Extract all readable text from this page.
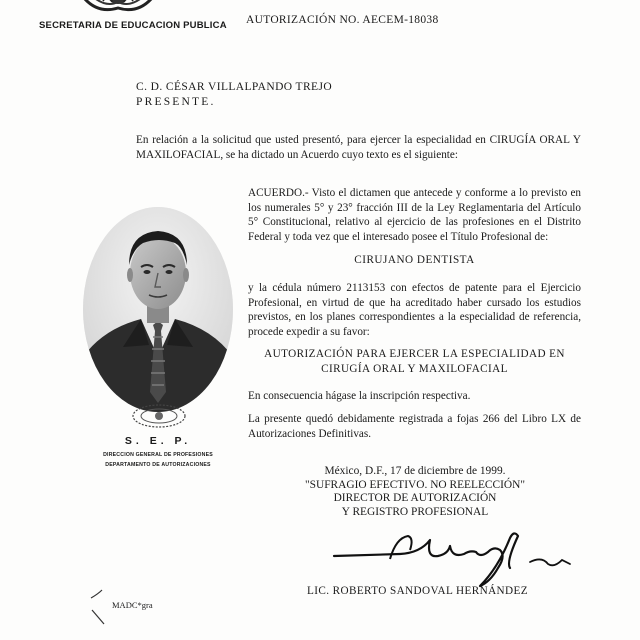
SECRETARIA DE EDUCACION PUBLICA AUTORIZACIÓN NO. AECEM-18038
C. D. CÉSAR VILLALPANDO TREJO
PRESENTE.
En relación a la solicitud que usted presentó, para ejercer la especialidad en CIRUGÍA ORAL Y MAXILOFACIAL, se ha dictado un Acuerdo cuyo texto es el siguiente:
ACUERDO.- Visto el dictamen que antecede y conforme a lo previsto en los numerales 5° y 23° fracción III de la Ley Reglamentaria del Artículo 5° Constitucional, relativo al ejercicio de las profesiones en el Distrito Federal y toda vez que el interesado posee el Título Profesional de:
CIRUJANO DENTISTA
y la cédula número 2113153 con efectos de patente para el Ejercicio Profesional, en virtud de que ha acreditado haber cursado los estudios previstos, en los planes correspondientes a la especialidad de referencia, procede expedir a su favor:
AUTORIZACIÓN PARA EJERCER LA ESPECIALIDAD EN
CIRUGÍA ORAL Y MAXILOFACIAL
En consecuencia hágase la inscripción respectiva.
La presente quedó debidamente registrada a fojas 266 del Libro LX de Autorizaciones Definitivas.
México, D.F., 17 de diciembre de 1999.
"SUFRAGIO EFECTIVO. NO REELECCIÓN"
DIRECTOR DE AUTORIZACIÓN
Y REGISTRO PROFESIONAL
LIC. ROBERTO SANDOVAL HERNÁNDEZ
MADC*gra
S. E. P.
DIRECCION GENERAL DE PROFESIONES
DEPARTAMENTO DE AUTORIZACIONES
